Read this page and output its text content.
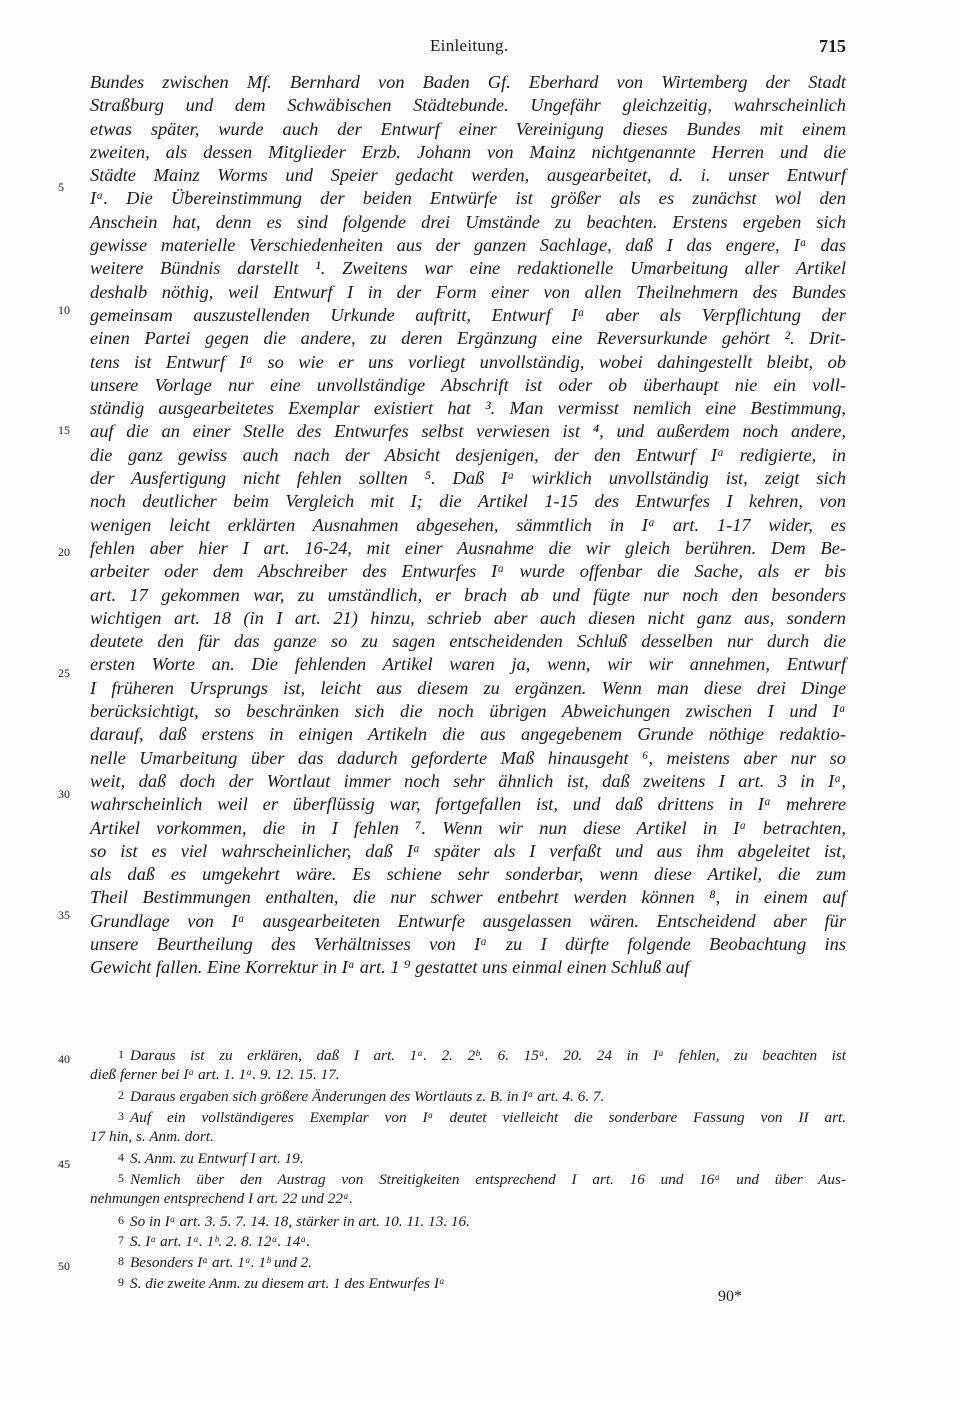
Einleitung.	715
5
10
15
20
25
30
35
40
45
50
Bundes zwischen Mf. Bernhard von Baden Gf. Eberhard von Wirtemberg der Stadt
Straßburg und dem Schwäbischen Städtebunde. Ungefähr gleichzeitig, wahrscheinlich
etwas später, wurde auch der Entwurf einer Vereinigung dieses Bundes mit einem
zweiten, als dessen Mitglieder Erzb. Johann von Mainz nichtgenannte Herren und die
Städte Mainz Worms und Speier gedacht werden, ausgearbeitet, d. i. unser Entwurf
Iᵃ. Die Übereinstimmung der beiden Entwürfe ist größer als es zunächst wol den
Anschein hat, denn es sind folgende drei Umstände zu beachten. Erstens ergeben sich
gewisse materielle Verschiedenheiten aus der ganzen Sachlage, daß I das engere, Iᵃ das
weitere Bündnis darstellt ¹. Zweitens war eine redaktionelle Umarbeitung aller Artikel
deshalb nöthig, weil Entwurf I in der Form einer von allen Theilnehmern des Bundes
gemeinsam auszustellenden Urkunde auftritt, Entwurf Iᵃ aber als Verpflichtung der
einen Partei gegen die andere, zu deren Ergänzung eine Reversurkunde gehört ². Drit-
tens ist Entwurf Iᵃ so wie er uns vorliegt unvollständig, wobei dahingestellt bleibt, ob
unsere Vorlage nur eine unvollständige Abschrift ist oder ob überhaupt nie ein voll-
ständig ausgearbeitetes Exemplar existiert hat ³. Man vermisst nemlich eine Bestimmung,
auf die an einer Stelle des Entwurfes selbst verwiesen ist ⁴, und außerdem noch andere,
die ganz gewiss auch nach der Absicht desjenigen, der den Entwurf Iᵃ redigierte, in
der Ausfertigung nicht fehlen sollten ⁵. Daß Iᵃ wirklich unvollständig ist, zeigt sich
noch deutlicher beim Vergleich mit I; die Artikel 1-15 des Entwurfes I kehren, von
wenigen leicht erklärten Ausnahmen abgesehen, sämmtlich in Iᵃ art. 1-17 wider, es
fehlen aber hier I art. 16-24, mit einer Ausnahme die wir gleich berühren. Dem Be-
arbeiter oder dem Abschreiber des Entwurfes Iᵃ wurde offenbar die Sache, als er bis
art. 17 gekommen war, zu umständlich, er brach ab und fügte nur noch den besonders
wichtigen art. 18 (in I art. 21) hinzu, schrieb aber auch diesen nicht ganz aus, sondern
deutete den für das ganze so zu sagen entscheidenden Schluß desselben nur durch die
ersten Worte an. Die fehlenden Artikel waren ja, wenn, wir wir annehmen, Entwurf
I früheren Ursprungs ist, leicht aus diesem zu ergänzen. Wenn man diese drei Dinge
berücksichtigt, so beschränken sich die noch übrigen Abweichungen zwischen I und Iᵃ
darauf, daß erstens in einigen Artikeln die aus angegebenem Grunde nöthige redaktio-
nelle Umarbeitung über das dadurch geforderte Maß hinausgeht ⁶, meistens aber nur so
weit, daß doch der Wortlaut immer noch sehr ähnlich ist, daß zweitens I art. 3 in Iᵃ,
wahrscheinlich weil er überflüssig war, fortgefallen ist, und daß drittens in Iᵃ mehrere
Artikel vorkommen, die in I fehlen ⁷. Wenn wir nun diese Artikel in Iᵃ betrachten,
so ist es viel wahrscheinlicher, daß Iᵃ später als I verfaßt und aus ihm abgeleitet ist,
als daß es umgekehrt wäre. Es schiene sehr sonderbar, wenn diese Artikel, die zum
Theil Bestimmungen enthalten, die nur schwer entbehrt werden können ⁸, in einem auf
Grundlage von Iᵃ ausgearbeiteten Entwurfe ausgelassen wären. Entscheidend aber für
unsere Beurtheilung des Verhältnisses von Iᵃ zu I dürfte folgende Beobachtung ins
Gewicht fallen. Eine Korrektur in Iᵃ art. 1 ⁹ gestattet uns einmal einen Schluß auf
1 Daraus ist zu erklären, daß I art. 1ᵃ. 2. 2ᵇ. 6. 15ᵃ. 20. 24 in Iᵃ fehlen, zu beachten ist
dieß ferner bei Iᵃ art. 1. 1ᵃ. 9. 12. 15. 17.
2 Daraus ergaben sich größere Änderungen des Wortlauts z. B. in Iᵃ art. 4. 6. 7.
3 Auf ein vollständigeres Exemplar von Iᵃ deutet vielleicht die sonderbare Fassung von II art.
17 hin, s. Anm. dort.
4 S. Anm. zu Entwurf I art. 19.
5 Nemlich über den Austrag von Streitigkeiten entsprechend I art. 16 und 16ᵃ und über Aus-
nehmungen entsprechend I art. 22 und 22ᵃ.
6 So in Iᵃ art. 3. 5. 7. 14. 18, stärker in art. 10. 11. 13. 16.
7 S. Iᵃ art. 1ᵃ. 1ᵇ. 2. 8. 12ᵃ. 14ᵃ.
8 Besonders Iᵃ art. 1ᵃ. 1ᵇ und 2.
9 S. die zweite Anm. zu diesem art. 1 des Entwurfes Iᵃ
90*
